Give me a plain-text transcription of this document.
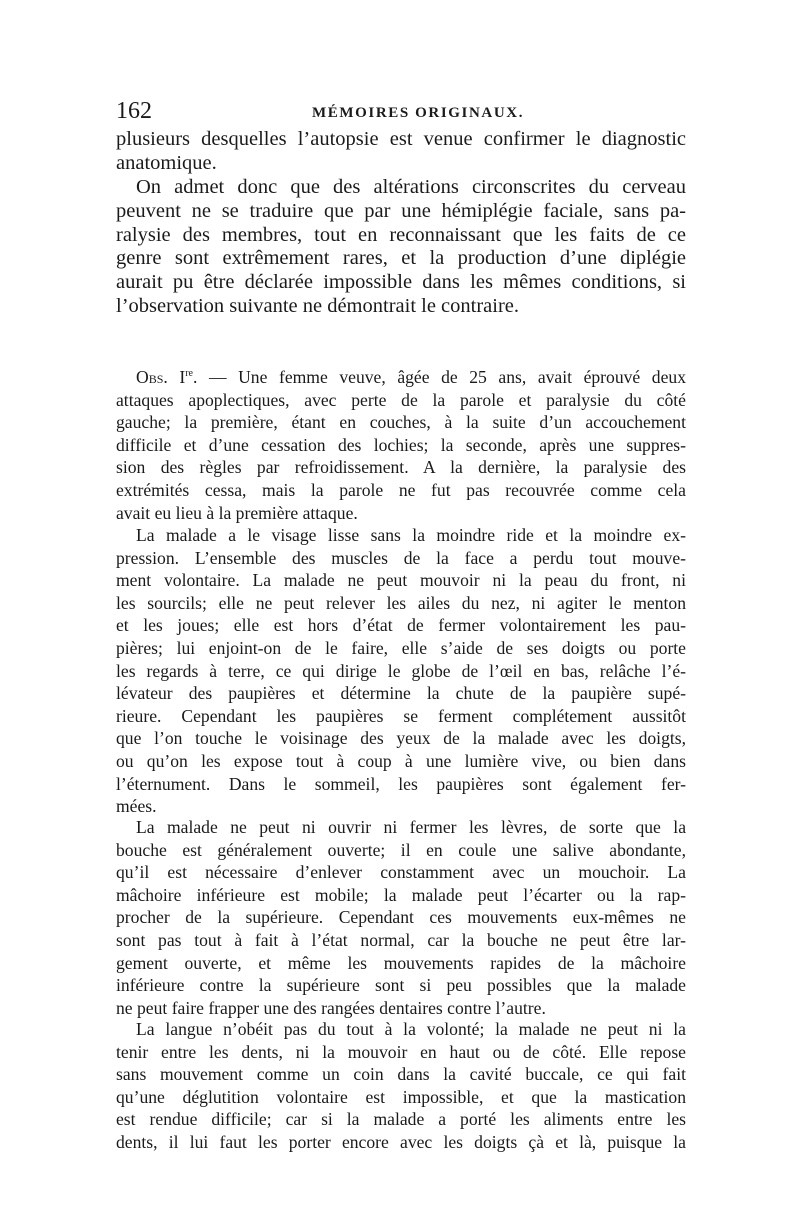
162	MÉMOIRES ORIGINAUX.
plusieurs desquelles l’autopsie est venue confirmer le diagnostic
anatomique.
On admet donc que des altérations circonscrites du cerveau
peuvent ne se traduire que par une hémiplégie faciale, sans pa-
ralysie des membres, tout en reconnaissant que les faits de ce
genre sont extrêmement rares, et la production d’une diplégie
aurait pu être déclarée impossible dans les mêmes conditions, si
l’observation suivante ne démontrait le contraire.
Obs. Ire. — Une femme veuve, âgée de 25 ans, avait éprouvé deux
attaques apoplectiques, avec perte de la parole et paralysie du côté
gauche; la première, étant en couches, à la suite d’un accouchement
difficile et d’une cessation des lochies; la seconde, après une suppres-
sion des règles par refroidissement. A la dernière, la paralysie des
extrémités cessa, mais la parole ne fut pas recouvrée comme cela
avait eu lieu à la première attaque.
La malade a le visage lisse sans la moindre ride et la moindre ex-
pression. L’ensemble des muscles de la face a perdu tout mouve-
ment volontaire. La malade ne peut mouvoir ni la peau du front, ni
les sourcils; elle ne peut relever les ailes du nez, ni agiter le menton
et les joues; elle est hors d’état de fermer volontairement les pau-
pières; lui enjoint-on de le faire, elle s’aide de ses doigts ou porte
les regards à terre, ce qui dirige le globe de l’œil en bas, relâche l’é-
lévateur des paupières et détermine la chute de la paupière supé-
rieure. Cependant les paupières se ferment complétement aussitôt
que l’on touche le voisinage des yeux de la malade avec les doigts,
ou qu’on les expose tout à coup à une lumière vive, ou bien dans
l’éternument. Dans le sommeil, les paupières sont également fer-
mées.
La malade ne peut ni ouvrir ni fermer les lèvres, de sorte que la
bouche est généralement ouverte; il en coule une salive abondante,
qu’il est nécessaire d’enlever constamment avec un mouchoir. La
mâchoire inférieure est mobile; la malade peut l’écarter ou la rap-
procher de la supérieure. Cependant ces mouvements eux-mêmes ne
sont pas tout à fait à l’état normal, car la bouche ne peut être lar-
gement ouverte, et même les mouvements rapides de la mâchoire
inférieure contre la supérieure sont si peu possibles que la malade
ne peut faire frapper une des rangées dentaires contre l’autre.
La langue n’obéit pas du tout à la volonté; la malade ne peut ni la
tenir entre les dents, ni la mouvoir en haut ou de côté. Elle repose
sans mouvement comme un coin dans la cavité buccale, ce qui fait
qu’une déglutition volontaire est impossible, et que la mastication
est rendue difficile; car si la malade a porté les aliments entre les
dents, il lui faut les porter encore avec les doigts çà et là, puisque la
